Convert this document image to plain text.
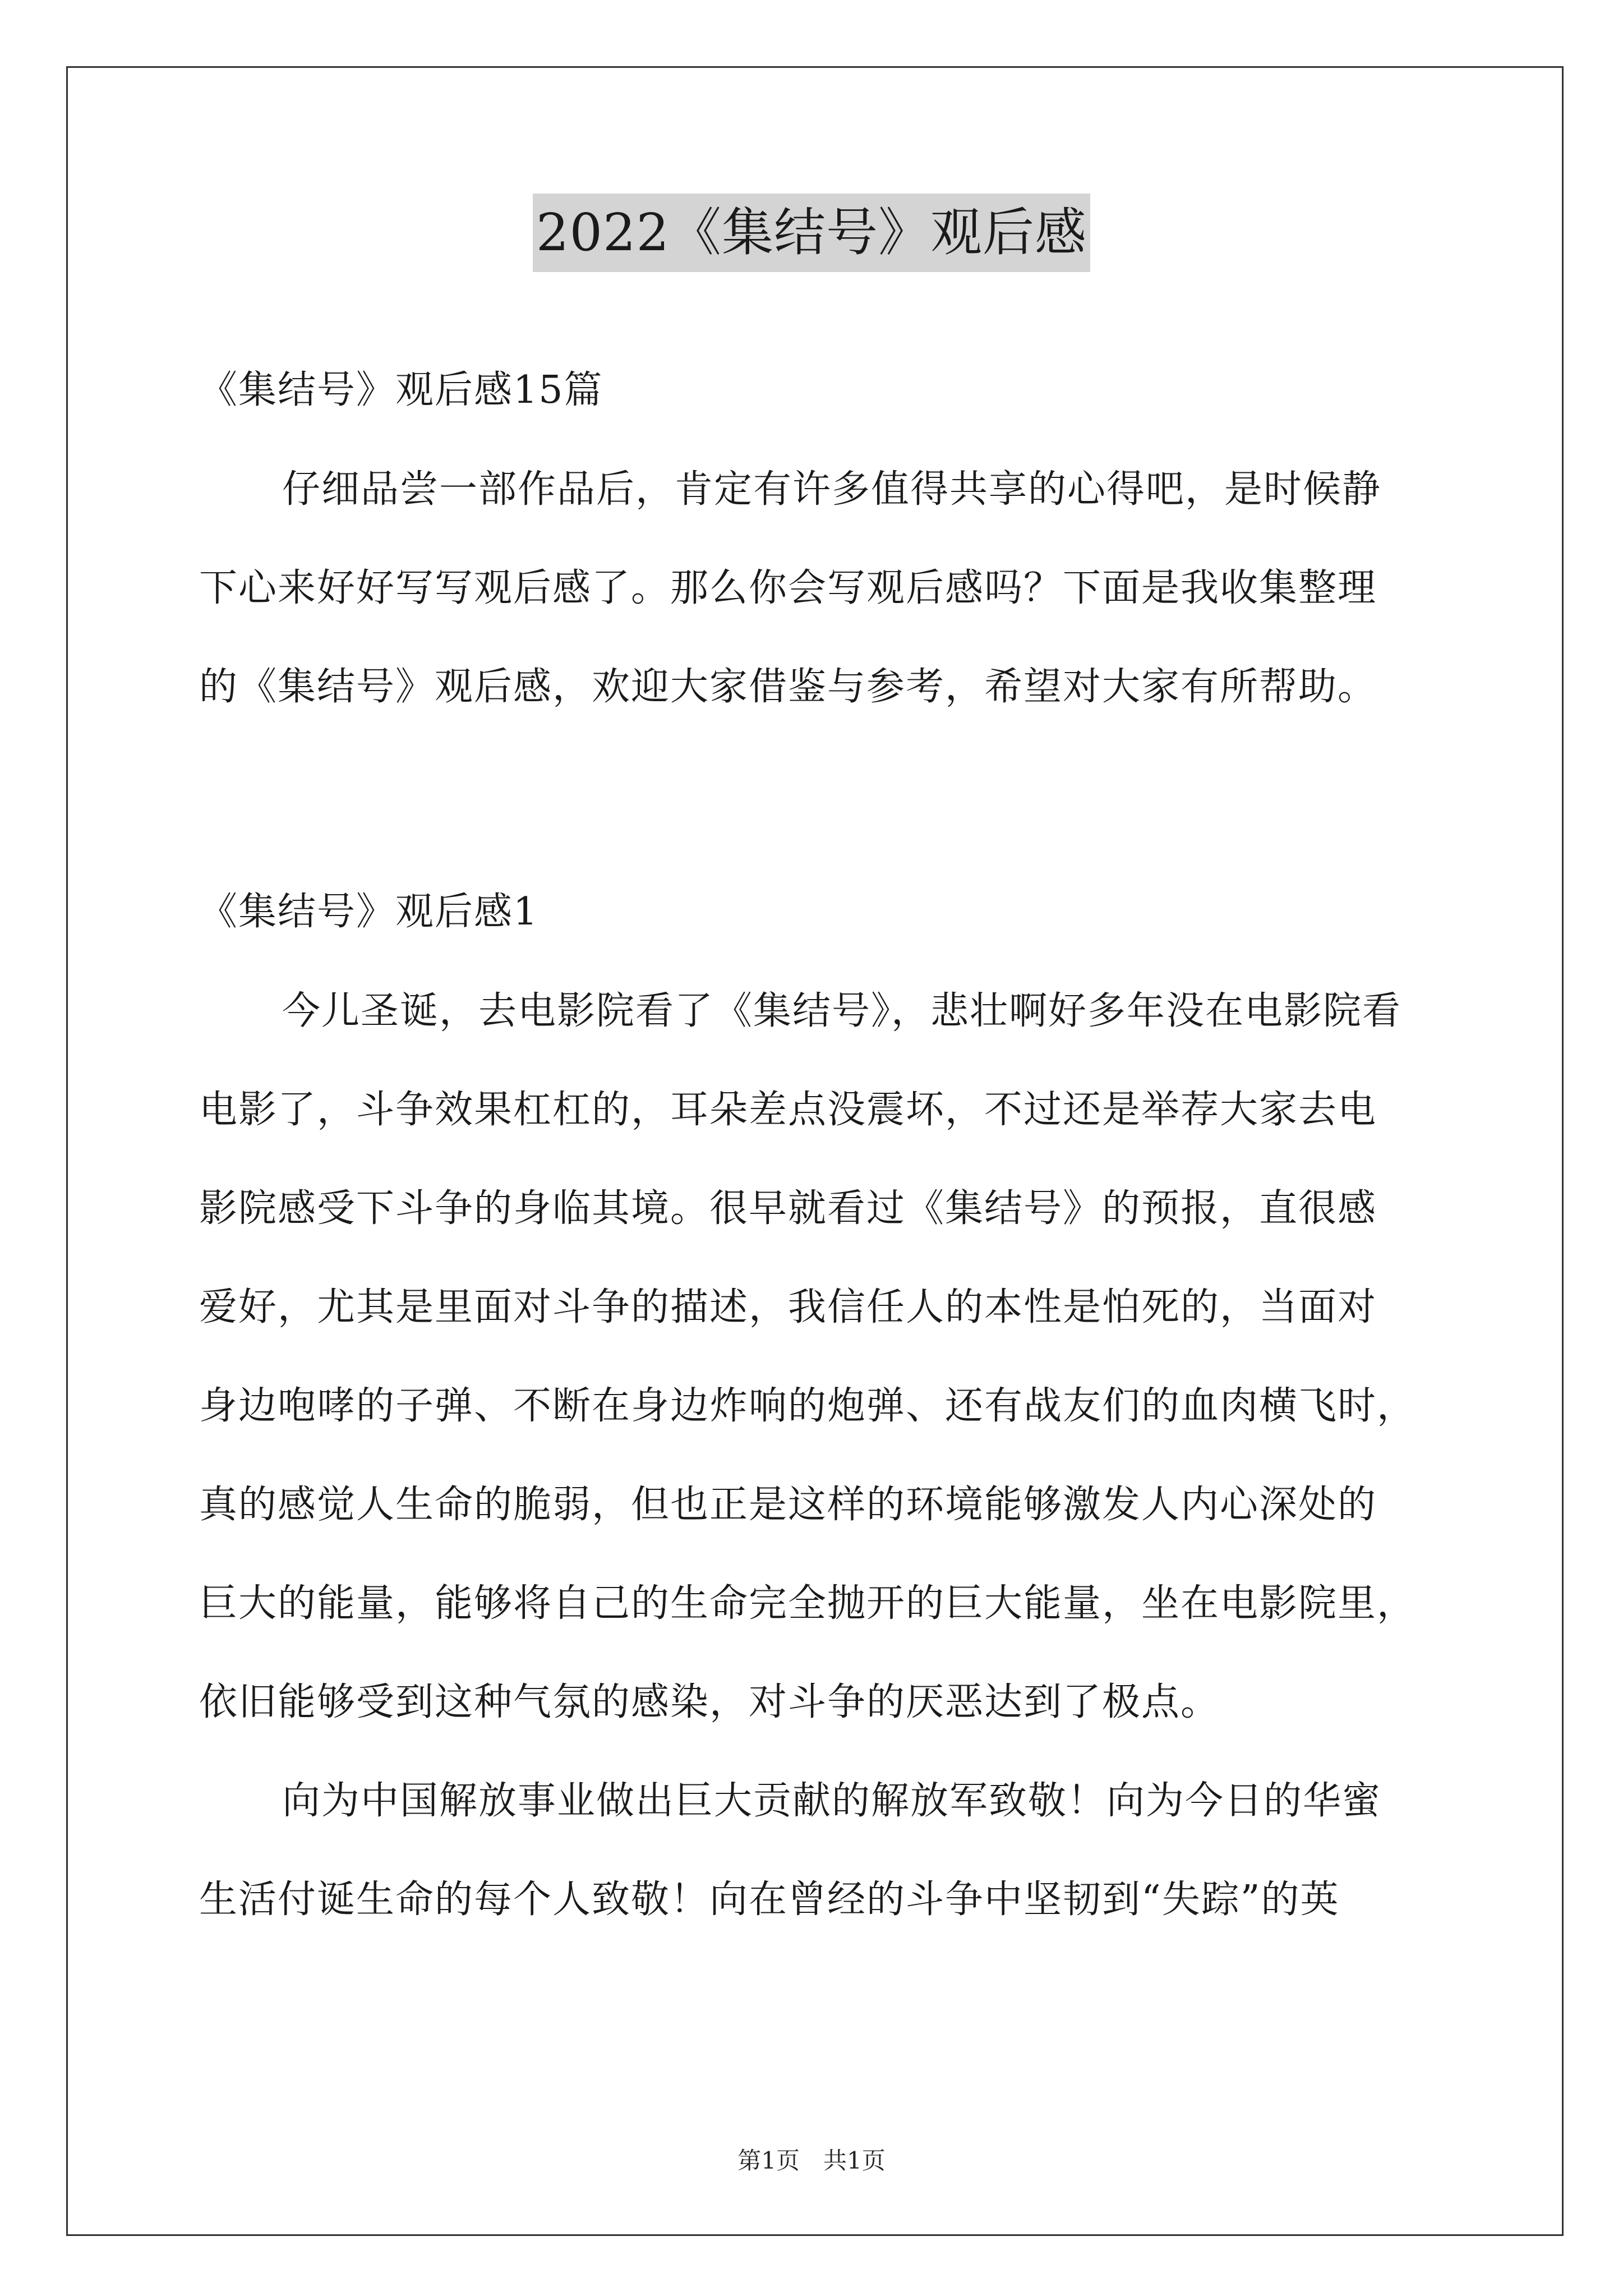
2022《集结号》观后感
《集结号》观后感15篇
仔细品尝一部作品后，肯定有许多值得共享的心得吧，是时候静
下心来好好写写观后感了。那么你会写观后感吗？下面是我收集整理
的《集结号》观后感，欢迎大家借鉴与参考，希望对大家有所帮助。
《集结号》观后感1
今儿圣诞，去电影院看了《集结号》，悲壮啊好多年没在电影院看
电影了，斗争效果杠杠的，耳朵差点没震坏，不过还是举荐大家去电
影院感受下斗争的身临其境。很早就看过《集结号》的预报，直很感
爱好，尤其是里面对斗争的描述，我信任人的本性是怕死的，当面对
身边咆哮的子弹、不断在身边炸响的炮弹、还有战友们的血肉横飞时，
真的感觉人生命的脆弱，但也正是这样的环境能够激发人内心深处的
巨大的能量，能够将自己的生命完全抛开的巨大能量，坐在电影院里，
依旧能够受到这种气氛的感染，对斗争的厌恶达到了极点。
向为中国解放事业做出巨大贡献的解放军致敬！向为今日的华蜜
生活付诞生命的每个人致敬！向在曾经的斗争中坚韧到“失踪”的英
第1页　共1页
